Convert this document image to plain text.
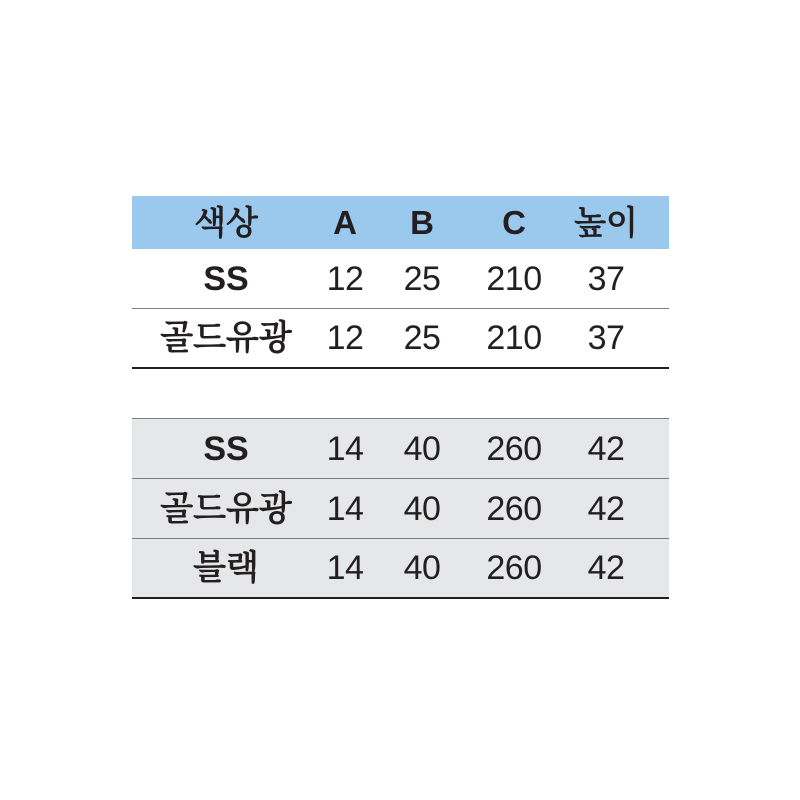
색상	A	B	C	높이
SS	12	25	210	37
골드유광	12	25	210	37
SS	14	40	260	42
골드유광	14	40	260	42
블랙	14	40	260	42
